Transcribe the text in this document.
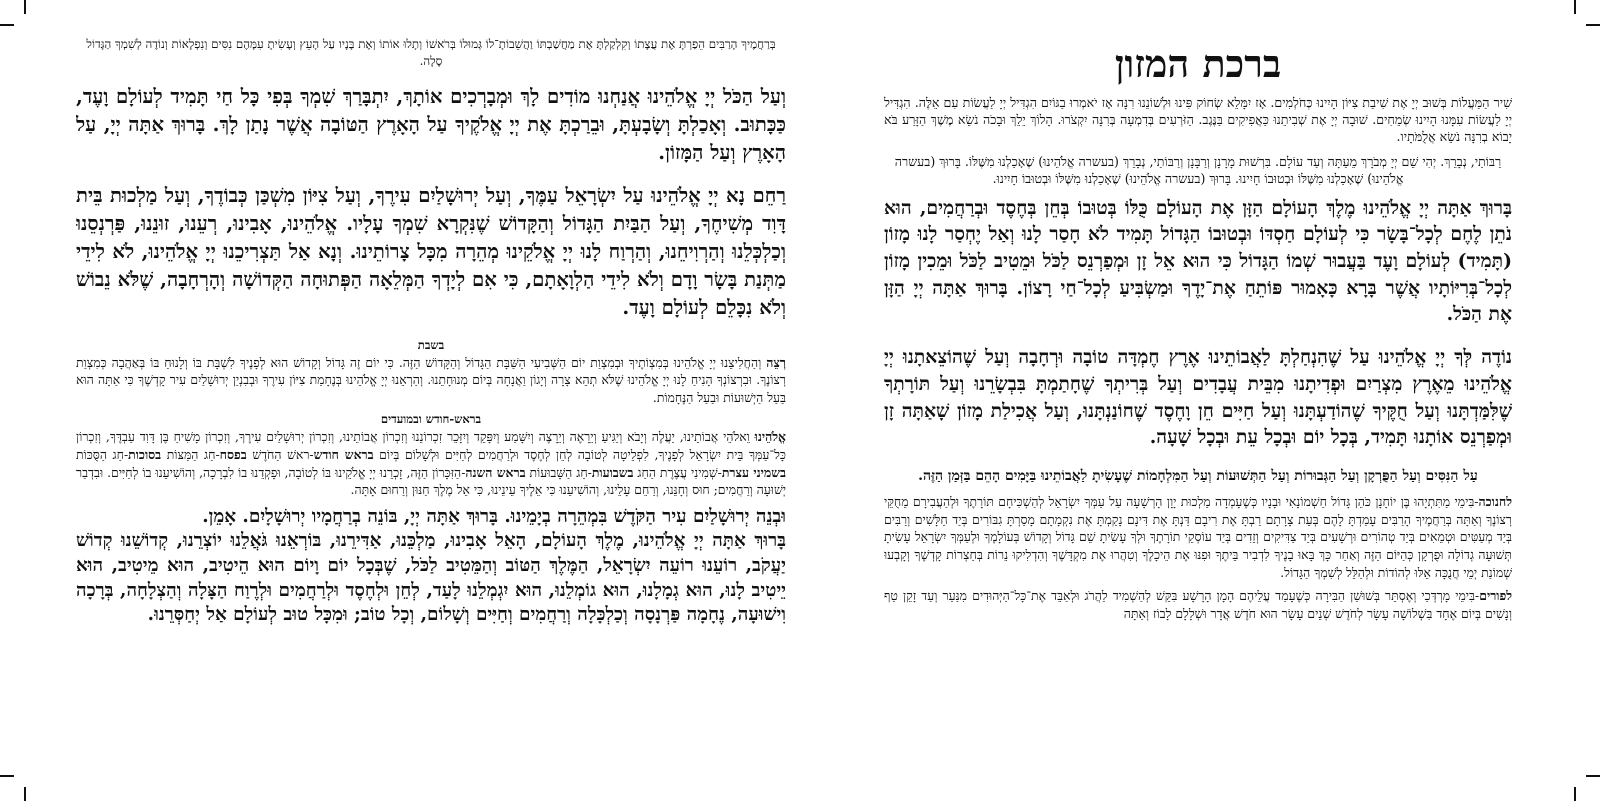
ברכת המזון

שִׁיר הַמַּעֲלוֹת בְּשׁוּב יְיָ אֶת שִׁיבַת צִיּוֹן הָיִינוּ כְּחֹלְמִים. אָז יִמָּלֵא שְׂחוֹק פִּינוּ וּלְשׁוֹנֵנוּ רִנָּה אָז יֹאמְרוּ בַגּוֹיִם הִגְדִּיל יְיָ לַעֲשׂוֹת עִם אֵלֶּה. הִגְדִּיל יְיָ לַעֲשׂוֹת עִמָּנוּ הָיִינוּ שְׂמֵחִים. שׁוּבָה יְיָ אֶת שְׁבִיתֵנוּ כַּאֲפִיקִים בַּנֶּגֶב. הַזֹּרְעִים בְּדִמְעָה בְּרִנָּה יִקְצֹרוּ. הָלוֹךְ יֵלֵךְ וּבָכֹה נֹשֵׂא מֶשֶׁךְ הַזָּרַע בֹּא יָבוֹא בְרִנָּה נֹשֵׂא אֲלֻמֹּתָיו.

רַבּוֹתַי, נְבָרֵךְ. יְהִי שֵׁם יְיָ מְבֹרָךְ מֵעַתָּה וְעַד עוֹלָם. בִּרְשׁוּת מָרָנָן וְרַבָּנָן וְרַבּוֹתַי, נְבָרֵךְ (בעשרה אֱלֹהֵינוּ) שֶׁאָכַלְנוּ מִשֶּׁלּוֹ. בָּרוּךְ (בעשרה אֱלֹהֵינוּ) שֶׁאָכַלְנוּ מִשֶּׁלּוֹ וּבְטוּבוֹ חָיִינוּ. בָּרוּךְ (בעשרה אֱלֹהֵינוּ) שֶׁאָכַלְנוּ מִשֶּׁלּוֹ וּבְטוּבוֹ חָיִינוּ.

בָּרוּךְ אַתָּה יְיָ אֱלֹהֵינוּ מֶלֶךְ הָעוֹלָם הַזָּן אֶת הָעוֹלָם כֻּלּוֹ בְּטוּבוֹ בְּחֵן בְּחֶסֶד וּבְרַחֲמִים, הוּא נֹתֵן לֶחֶם לְכָל־בָּשָׂר כִּי לְעוֹלָם חַסְדּוֹ וּבְטוּבוֹ הַגָּדוֹל תָּמִיד לֹא חָסַר לָנוּ וְאַל יֶחְסַר לָנוּ מָזוֹן (תָּמִיד) לְעוֹלָם וָעֶד בַּעֲבוּר שְׁמוֹ הַגָּדוֹל כִּי הוּא אֵל זָן וּמְפַרְנֵס לַכֹּל וּמֵטִיב לַכֹּל וּמֵכִין מָזוֹן לְכָל־בְּרִיּוֹתָיו אֲשֶׁר בָּרָא כָּאָמוּר פּוֹתֵחַ אֶת־יָדֶךָ וּמַשְׂבִּיעַ לְכָל־חַי רָצוֹן. בָּרוּךְ אַתָּה יְיָ הַזָּן אֶת הַכֹּל.

נוֹדֶה לְּךָ יְיָ אֱלֹהֵינוּ עַל שֶׁהִנְחַלְתָּ לַאֲבוֹתֵינוּ אֶרֶץ חֶמְדָּה טוֹבָה וּרְחָבָה וְעַל שֶׁהוֹצֵאתָנוּ יְיָ אֱלֹהֵינוּ מֵאֶרֶץ מִצְרַיִם וּפְדִיתָנוּ מִבֵּית עֲבָדִים וְעַל בְּרִיתְךָ שֶׁחָתַמְתָּ בִּבְשָׂרֵנוּ וְעַל תּוֹרָתְךָ שֶׁלִּמַּדְתָּנוּ וְעַל חֻקֶּיךָ שֶׁהוֹדַעְתָּנוּ וְעַל חַיִּים חֵן וָחֶסֶד שֶׁחוֹנַנְתָּנוּ, וְעַל אֲכִילַת מָזוֹן שָׁאַתָּה זָן וּמְפַרְנֵס אוֹתָנוּ תָּמִיד, בְּכָל יוֹם וּבְכָל עֵת וּבְכָל שָׁעָה.

עַל הַנִּסִּים וְעַל הַפֻּרְקָן וְעַל הַגְּבוּרוֹת וְעַל הַתְּשׁוּעוֹת וְעַל הַמִּלְחָמוֹת שֶׁעָשִׂיתָ לַאֲבוֹתֵינוּ בַּיָּמִים הָהֵם בַּזְּמַן הַזֶּה.

לחנוכה-בִּימֵי מַתִּתְיָהוּ בֶּן יוֹחָנָן כֹּהֵן גָּדוֹל חַשְׁמוֹנָאִי וּבָנָיו כְּשֶׁעָמְדָה מַלְכוּת יָוָן הָרְשָׁעָה עַל עַמְּךָ יִשְׂרָאֵל לְהַשְׁכִּיחָם תּוֹרָתֶךָ וּלְהַעֲבִירָם מֵחֻקֵּי רְצוֹנֶךָ וְאַתָּה בְּרַחֲמֶיךָ הָרַבִּים עָמַדְתָּ לָהֶם בְּעֵת צָרָתָם רַבְתָּ אֶת רִיבָם דַּנְתָּ אֶת דִּינָם נָקַמְתָּ אֶת נִקְמָתָם מָסַרְתָּ גִבּוֹרִים בְּיַד חַלָּשִׁים וְרַבִּים בְּיַד מְעַטִּים וּטְמֵאִים בְּיַד טְהוֹרִים וּרְשָׁעִים בְּיַד צַדִּיקִים וְזֵדִים בְּיַד עוֹסְקֵי תוֹרָתֶךָ וּלְךָ עָשִׂיתָ שֵׁם גָּדוֹל וְקָדוֹשׁ בְּעוֹלָמֶךָ וּלְעַמְּךָ יִשְׂרָאֵל עָשִׂיתָ תְּשׁוּעָה גְדוֹלָה וּפֻרְקָן כְּהַיּוֹם הַזֶּה וְאַחַר כָּךְ בָּאוּ בָנֶיךָ לִדְבִיר בֵּיתֶךָ וּפִנּוּ אֶת הֵיכָלֶךָ וְטִהֲרוּ אֶת מִקְדָּשֶׁךָ וְהִדְלִיקוּ נֵרוֹת בְּחַצְרוֹת קָדְשֶׁךָ וְקָבְעוּ שְׁמוֹנַת יְמֵי חֲנֻכָּה אֵלּוּ לְהוֹדוֹת וּלְהַלֵּל לְשִׁמְךָ הַגָּדוֹל.

לפורים-בִּימֵי מָרְדְּכַי וְאֶסְתֵּר בְּשׁוּשַׁן הַבִּירָה כְּשֶׁעָמַד עֲלֵיהֶם הָמָן הָרָשָׁע בִּקֵּשׁ לְהַשְׁמִיד לַהֲרֹג וּלְאַבֵּד אֶת־כָּל־הַיְּהוּדִים מִנַּעַר וְעַד זָקֵן טַף וְנָשִׁים בְּיוֹם אֶחָד בִּשְׁלוֹשָׁה עָשָׂר לְחֹדֶשׁ שְׁנֵים עָשָׂר הוּא חֹדֶשׁ אֲדָר וּשְׁלָלָם לָבוֹז וְאַתָּה

בְּרַחֲמֶיךָ הָרַבִּים הֵפַרְתָּ אֶת עֲצָתוֹ וְקִלְקַלְתָּ אֶת מַחֲשַׁבְתּוֹ וַהֲשֵׁבוֹתָ־לוֹ גְּמוּלוֹ בְּרֹאשׁוֹ וְתָלוּ אוֹתוֹ וְאֶת בָּנָיו עַל הָעֵץ וְעָשִׂיתָ עִמָּהֶם נִסִּים וְנִפְלָאוֹת וְנוֹדֶה לְשִׁמְךָ הַגָּדוֹל סֶלָה.

וְעַל הַכֹּל יְיָ אֱלֹהֵינוּ אֲנַחְנוּ מוֹדִים לָךְ וּמְבָרְכִים אוֹתָךְ, יִתְבָּרַךְ שִׁמְךָ בְּפִי כָּל חַי תָּמִיד לְעוֹלָם וָעֶד, כַּכָּתוּב. וְאָכַלְתָּ וְשָׂבָעְתָּ, וּבֵרַכְתָּ אֶת יְיָ אֱלֹקֶיךָ עַל הָאָרֶץ הַטּוֹבָה אֲשֶׁר נָתַן לָךְ. בָּרוּךְ אַתָּה יְיָ, עַל הָאָרֶץ וְעַל הַמָּזוֹן.

רַחֵם נָא יְיָ אֱלֹהֵינוּ עַל יִשְׂרָאֵל עַמֶּךָ, וְעַל יְרוּשָׁלַיִם עִירֶךָ, וְעַל צִיּוֹן מִשְׁכַּן כְּבוֹדֶךָ, וְעַל מַלְכוּת בֵּית דָּוִד מְשִׁיחֶךָ, וְעַל הַבַּיִת הַגָּדוֹל וְהַקָּדוֹשׁ שֶׁנִּקְרָא שִׁמְךָ עָלָיו. אֱלֹהֵינוּ, אָבִינוּ, רְעֵנוּ, זוּנֵנוּ, פַּרְנְסֵנוּ וְכַלְכְּלֵנוּ וְהַרְוִיחֵנוּ, וְהַרְוַח לָנוּ יְיָ אֱלֹקֵינוּ מְהֵרָה מִכָּל צָרוֹתֵינוּ. וְנָא אַל תַּצְרִיכֵנוּ יְיָ אֱלֹהֵינוּ, לֹא לִידֵי מַתְּנַת בָּשָׂר וָדָם וְלֹא לִידֵי הַלְוָאָתָם, כִּי אִם לְיָדְךָ הַמְּלֵאָה הַפְּתוּחָה הַקְּדוֹשָׁה וְהָרְחָבָה, שֶׁלֹּא נֵבוֹשׁ וְלֹא נִכָּלֵם לְעוֹלָם וָעֶד.

בשבת

רְצֵה וְהַחֲלִיצֵנוּ יְיָ אֱלֹהֵינוּ בְּמִצְוֹתֶיךָ וּבְמִצְוַת יוֹם הַשְּׁבִיעִי הַשַּׁבָּת הַגָּדוֹל וְהַקָּדוֹשׁ הַזֶּה. כִּי יוֹם זֶה גָּדוֹל וְקָדוֹשׁ הוּא לְפָנֶיךָ לִשְׁבָּת בּוֹ וְלָנוּחַ בּוֹ בְּאַהֲבָה כְּמִצְוַת רְצוֹנֶךָ. וּבִרְצוֹנְךָ הָנִיחַ לָנוּ יְיָ אֱלֹהֵינוּ שֶׁלֹּא תְהֵא צָרָה וְיָגוֹן וַאֲנָחָה בְּיוֹם מְנוּחָתֵנוּ. וְהַרְאֵנוּ יְיָ אֱלֹהֵינוּ בְּנֶחָמַת צִיּוֹן עִירֶךָ וּבְבִנְיַן יְרוּשָׁלַיִם עִיר קָדְשֶׁךָ כִּי אַתָּה הוּא בַּעַל הַיְשׁוּעוֹת וּבַעַל הַנֶּחָמוֹת.

בראש-חודש ובמועדים

אֱלֹהֵינוּ וֵאלֹהֵי אֲבוֹתֵינוּ, יַעֲלֶה וְיָבֹא וְיַגִּיעַ וְיֵרָאֶה וְיֵרָצֶה וְיִשָּׁמַע וְיִפָּקֵד וְיִזָּכֵר זִכְרוֹנֵנוּ וְזִכְרוֹן אֲבוֹתֵינוּ, וְזִכְרוֹן יְרוּשָׁלַיִם עִירֶךָ, וְזִכְרוֹן מָשִׁיחַ בֶּן דָּוִד עַבְדֶּךָ, וְזִכְרוֹן כָּל־עַמְּךָ בֵּית יִשְׂרָאֵל לְפָנֶיךָ, לִפְלֵיטָה לְטוֹבָה לְחֵן לְחֶסֶד וּלְרַחֲמִים לְחַיִּים וּלְשָׁלוֹם בְּיוֹם בראש חודש-ראשׁ הַחֹדֶשׁ בפסח-חַג הַמַּצּוֹת בסוכות-חַג הַסֻּכּוֹת בשמיני עצרת-שְׁמִינִי עֲצֶרֶת הַחַג בשבועות-חַג הַשָּׁבוּעוֹת בראש השנה-הַזִּכָּרוֹן הַזֶּה, זָכְרֵנוּ יְיָ אֱלֹקֵינוּ בּוֹ לְטוֹבָה, וּפָקְדֵנוּ בוֹ לִבְרָכָה, וְהוֹשִׁיעֵנוּ בוֹ לְחַיִּים. וּבִדְבַר יְשׁוּעָה וְרַחֲמִים; חוּס וְחָנֵּנוּ, וְרַחֵם עָלֵינוּ, וְהוֹשִׁיעֵנוּ כִּי אֵלֶיךָ עֵינֵינוּ, כִּי אֵל מֶלֶךְ חַנּוּן וְרַחוּם אָתָּה.

וּבְנֵה יְרוּשָׁלַיִם עִיר הַקֹּדֶשׁ בִּמְהֵרָה בְיָמֵינוּ. בָּרוּךְ אַתָּה יְיָ, בּוֹנֵה בְרַחֲמָיו יְרוּשָׁלָיִם. אָמֵן.

בָּרוּךְ אַתָּה יְיָ אֱלֹהֵינוּ, מֶלֶךְ הָעוֹלָם, הָאֵל אָבִינוּ, מַלְכֵּנוּ, אַדִּירֵנוּ, בּוֹרְאֵנוּ גֹּאֲלֵנוּ יוֹצְרֵנוּ, קְדוֹשֵׁנוּ קְדוֹשׁ יַעֲקֹב, רוֹעֵנוּ רוֹעֵה יִשְׂרָאֵל, הַמֶּלֶךְ הַטּוֹב וְהַמֵּטִיב לַכֹּל, שֶׁבְּכָל יוֹם וָיוֹם הוּא הֵיטִיב, הוּא מֵיטִיב, הוּא יֵיטִיב לָנוּ, הוּא גְמָלָנוּ, הוּא גוֹמְלֵנוּ, הוּא יִגְמְלֵנוּ לָעַד, לְחֵן וּלְחֶסֶד וּלְרַחֲמִים וּלְרֶוַח הַצָּלָה וְהַצְלָחָה, בְּרָכָה וִישׁוּעָה, נֶחָמָה פַּרְנָסָה וְכַלְכָּלָה וְרַחֲמִים וְחַיִּים וְשָׁלוֹם, וְכָל טוֹב; וּמִכָּל טוּב לְעוֹלָם אַל יְחַסְּרֵנוּ.
